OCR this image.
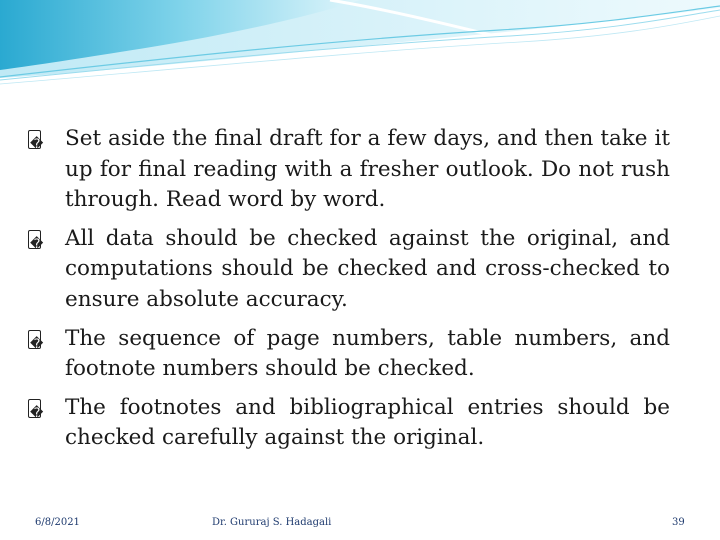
� Set aside the final draft for a few days, and then take it up for final reading with a fresher outlook. Do not rush through. Read word by word.
� All data should be checked against the original, and computations should be checked and cross-checked to ensure absolute accuracy.
� The sequence of page numbers, table numbers, and footnote numbers should be checked.
� The footnotes and bibliographical entries should be checked carefully against the original.
6/8/2021	Dr. Gururaj S. Hadagali	39
